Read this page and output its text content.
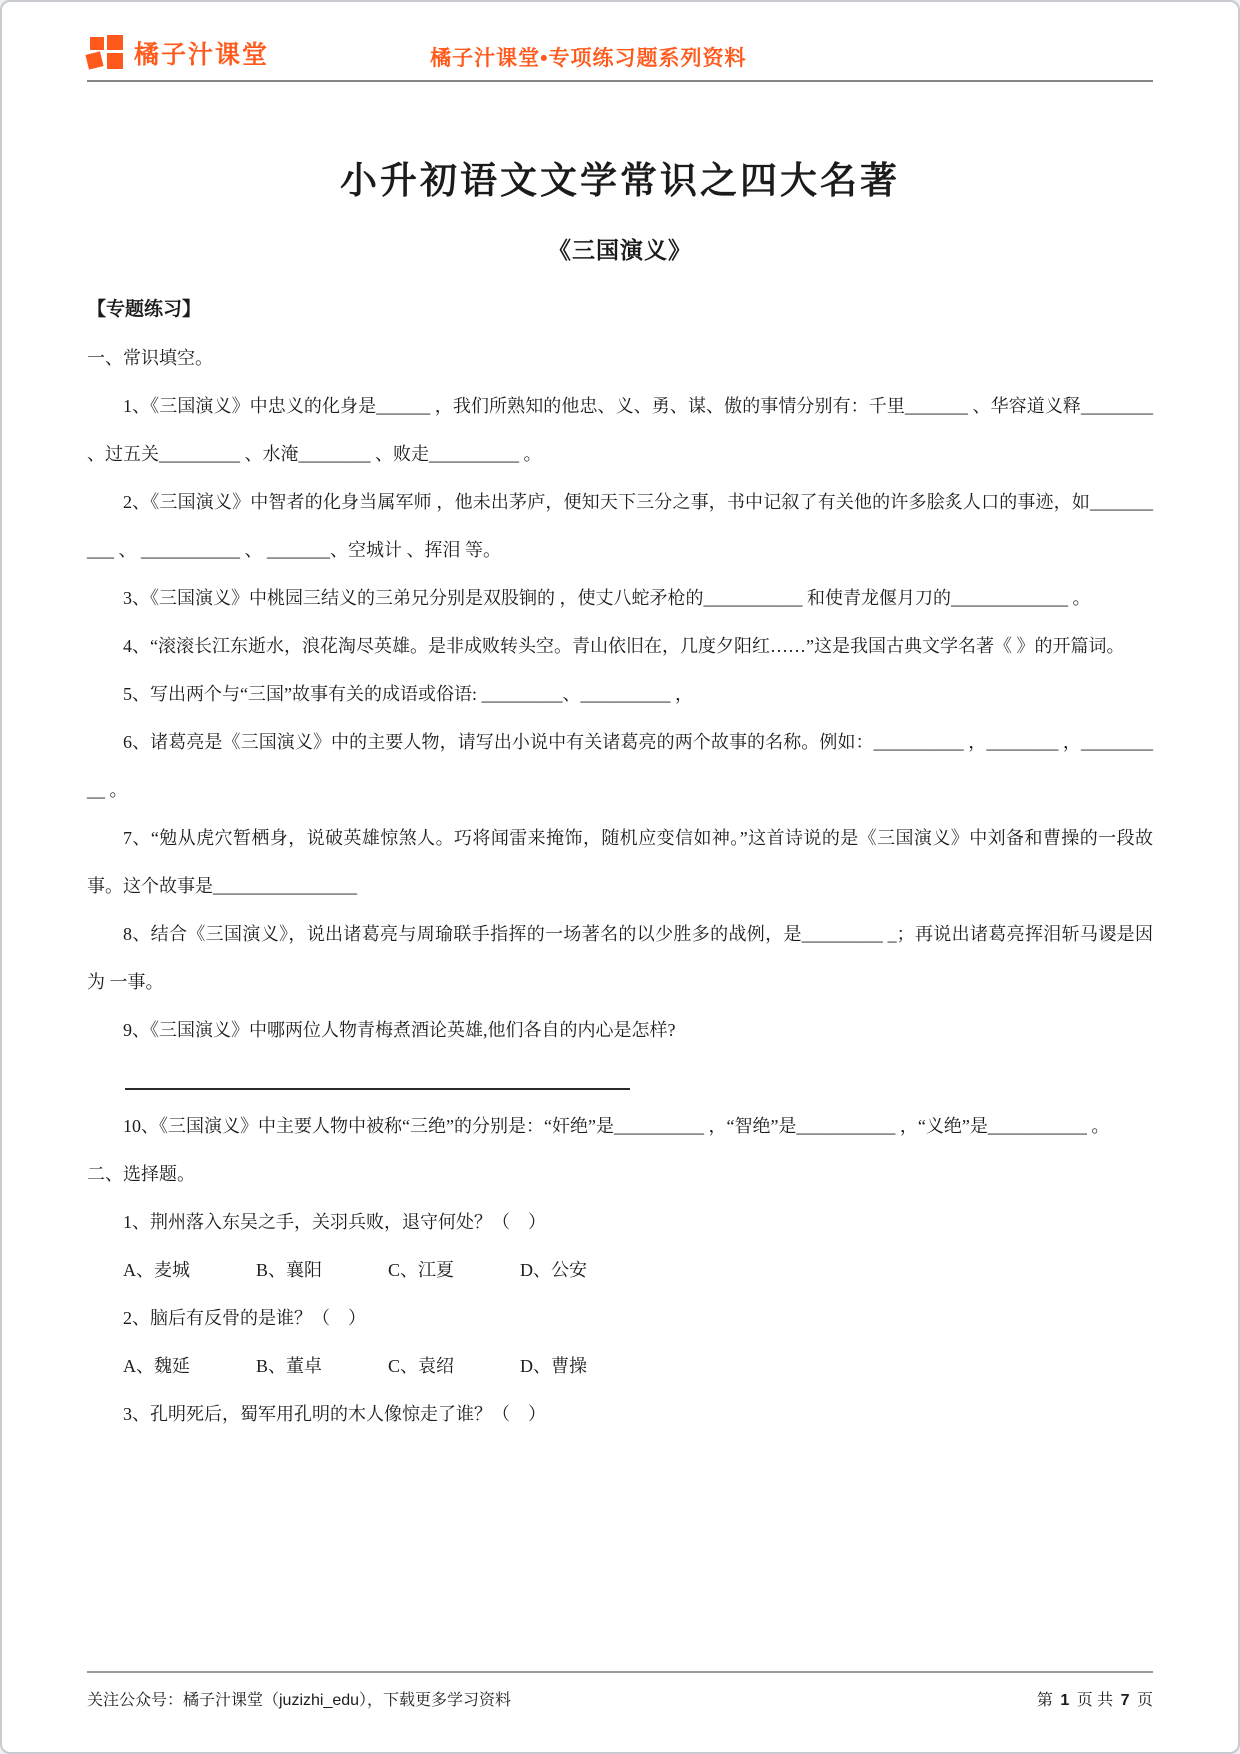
橘子汁课堂	橘子汁课堂•专项练习题系列资料
小升初语文文学常识之四大名著
《三国演义》
【专题练习】
一、常识填空。

1、《三国演义》中忠义的化身是______ ，我们所熟知的他忠、义、勇、谋、傲的事情分别有：千里_______ 、华容道义释________ 、过五关_________ 、水淹________ 、败走__________ 。

2、《三国演义》中智者的化身当属军师 ，他未出茅庐，便知天下三分之事，书中记叙了有关他的许多脍炙人口的事迹，如__________ 、 ___________ 、 _______、空城计 、挥泪 等。

3、《三国演义》中桃园三结义的三弟兄分别是双股锏的 ，使丈八蛇矛枪的___________ 和使青龙偃月刀的_____________ 。

4、“滚滚长江东逝水，浪花淘尽英雄。是非成败转头空。青山依旧在，几度夕阳红……”这是我国古典文学名著《 》的开篇词。

5、写出两个与“三国”故事有关的成语或俗语: _________、__________ ，

6、诸葛亮是《三国演义》中的主要人物，请写出小说中有关诸葛亮的两个故事的名称。例如：__________ ，________ ，__________ 。

7、“勉从虎穴暂栖身，说破英雄惊煞人。巧将闻雷来掩饰，随机应变信如神。”这首诗说的是《三国演义》中刘备和曹操的一段故事。这个故事是________________

8、结合《三国演义》，说出诸葛亮与周瑜联手指挥的一场著名的以少胜多的战例，是_________ _；再说出诸葛亮挥泪斩马谡是因为 一事。

9、《三国演义》中哪两位人物青梅煮酒论英雄,他们各自的内心是怎样?

10、《三国演义》中主要人物中被称“三绝”的分别是：“奸绝”是__________ ，“智绝”是___________ ，“义绝”是___________ 。

二、选择题。

1、荆州落入东吴之手，关羽兵败，退守何处？（　）

A、麦城	B、襄阳	C、江夏	D、公安

2、脑后有反骨的是谁？（　）

A、魏延	B、董卓	C、袁绍	D、曹操

3、孔明死后，蜀军用孔明的木人像惊走了谁？（　）

关注公众号：橘子汁课堂（juzizhi_edu），下载更多学习资料	第 1 页 共 7 页
